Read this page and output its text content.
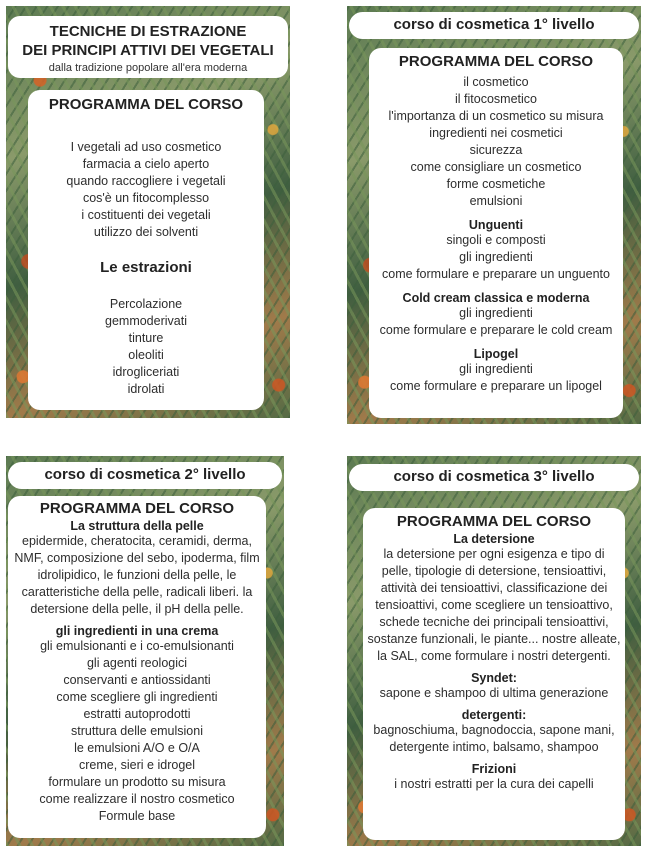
TECNICHE DI ESTRAZIONE
DEI PRINCIPI ATTIVI DEI VEGETALI
dalla tradizione popolare all'era moderna
PROGRAMMA DEL CORSO
I vegetali ad uso cosmetico
farmacia a cielo aperto
quando raccogliere i vegetali
cos'è un fitocomplesso
i costituenti dei vegetali
utilizzo dei solventi
Le estrazioni
Percolazione
gemmoderivati
tinture
oleoliti
idrogliceriati
idrolati
corso di cosmetica 1° livello
PROGRAMMA DEL CORSO
il cosmetico
il fitocosmetico
l'importanza di un cosmetico su misura
ingredienti nei cosmetici
sicurezza
come consigliare un cosmetico
forme cosmetiche
emulsioni
Unguenti
singoli e composti
gli ingredienti
come formulare e preparare un unguento
Cold cream classica e moderna
gli ingredienti
come formulare e preparare le cold cream
Lipogel
gli ingredienti
come formulare e preparare un lipogel
corso di cosmetica 2° livello
PROGRAMMA DEL CORSO
La struttura della pelle

epidermide, cheratocita, ceramidi, derma, NMF, composizione del sebo, ipoderma, film idrolipidico, le funzioni della pelle, le caratteristiche della pelle, radicali liberi. la detersione della pelle, il pH della pelle.

gli ingredienti in una crema
gli emulsionanti e i co-emulsionanti
gli agenti reologici
conservanti e antiossidanti
come scegliere gli ingredienti
estratti autoprodotti
struttura delle emulsioni
le emulsioni A/O e O/A
creme, sieri e idrogel
formulare un prodotto su misura
come realizzare il nostro cosmetico
Formule base
corso di cosmetica 3° livello
PROGRAMMA DEL CORSO
La detersione

la detersione per ogni esigenza e tipo di pelle, tipologie di detersione, tensioattivi, attività dei tensioattivi, classificazione dei tensioattivi, come scegliere un tensioattivo, schede tecniche dei principali tensioattivi, sostanze funzionali, le piante... nostre alleate, la SAL, come formulare i nostri detergenti.

Syndet:

sapone e shampoo di ultima generazione

detergenti:

bagnoschiuma, bagnodoccia, sapone mani, detergente intimo, balsamo, shampoo

Frizioni

i nostri estratti per la cura dei capelli
